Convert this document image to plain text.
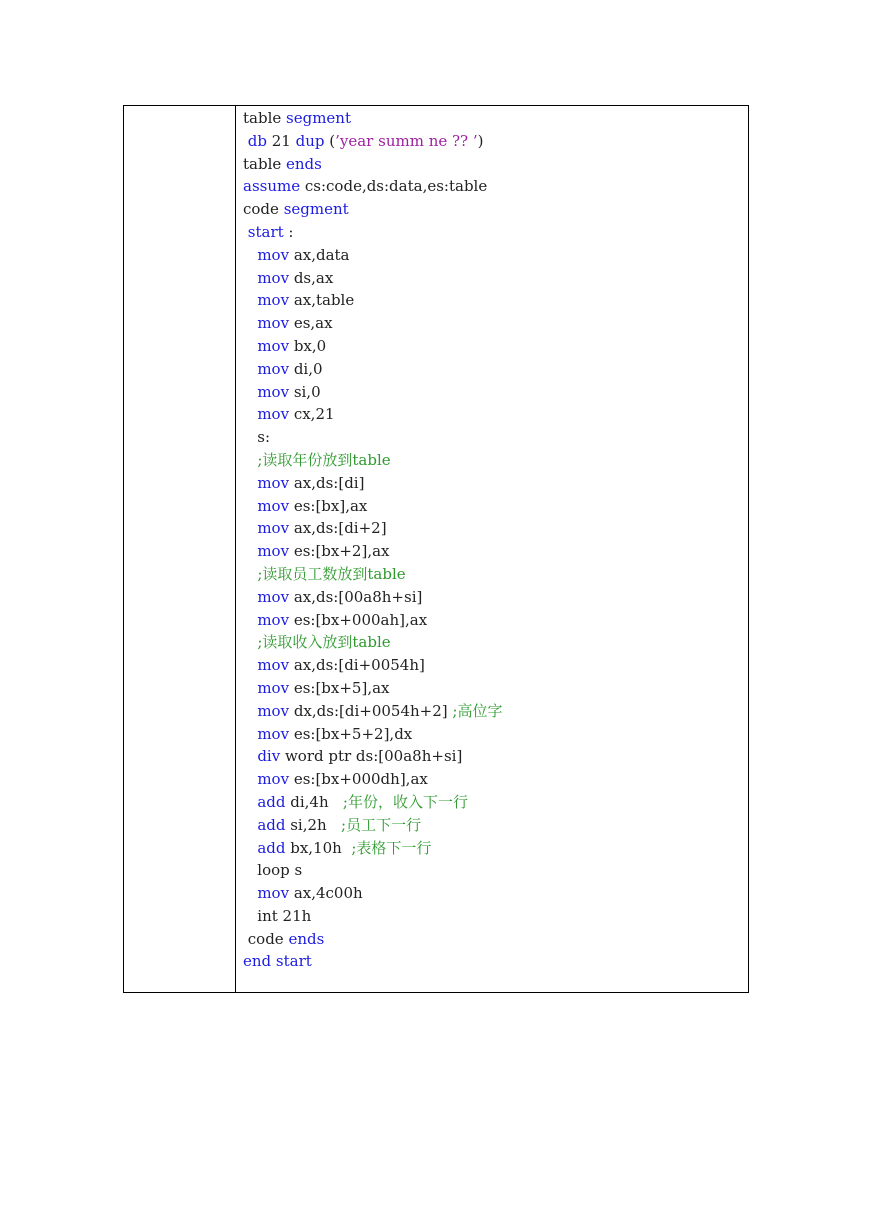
table segment
db 21 dup (’year summ ne ?? ’)
table ends
assume cs:code,ds:data,es:table
code segment
start :
mov ax,data
mov ds,ax
mov ax,table
mov es,ax
mov bx,0
mov di,0
mov si,0
mov cx,21
s:
;读取年份放到table
mov ax,ds:[di]
mov es:[bx],ax
mov ax,ds:[di+2]
mov es:[bx+2],ax
;读取员工数放到table
mov ax,ds:[00a8h+si]
mov es:[bx+000ah],ax
;读取收入放到table
mov ax,ds:[di+0054h]
mov es:[bx+5],ax
mov dx,ds:[di+0054h+2] ;高位字
mov es:[bx+5+2],dx
div word ptr ds:[00a8h+si]
mov es:[bx+000dh],ax
add di,4h   ;年份，收入下一行
add si,2h   ;员工下一行
add bx,10h  ;表格下一行
loop s
mov ax,4c00h
int 21h
code ends
end start
